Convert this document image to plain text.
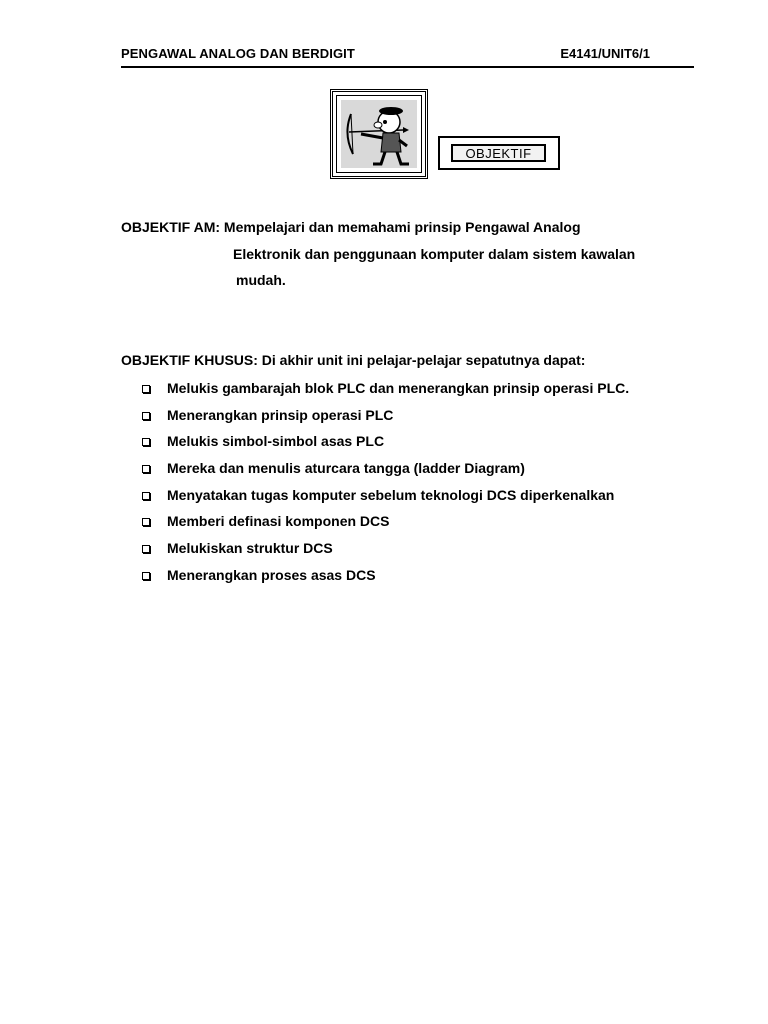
PENGAWAL ANALOG DAN BERDIGIT	E4141/UNIT6/1
OBJEKTIF
OBJEKTIF AM: Mempelajari dan memahami prinsip Pengawal Analog
Elektronik dan penggunaan komputer dalam sistem kawalan
mudah.
OBJEKTIF KHUSUS: Di akhir unit ini pelajar-pelajar sepatutnya dapat:
Melukis gambarajah blok PLC dan menerangkan prinsip operasi PLC.
Menerangkan prinsip operasi PLC
Melukis simbol-simbol asas PLC
Mereka dan menulis aturcara tangga (ladder Diagram)
Menyatakan tugas komputer sebelum teknologi DCS diperkenalkan
Memberi definasi komponen DCS
Melukiskan struktur DCS
Menerangkan proses asas DCS
